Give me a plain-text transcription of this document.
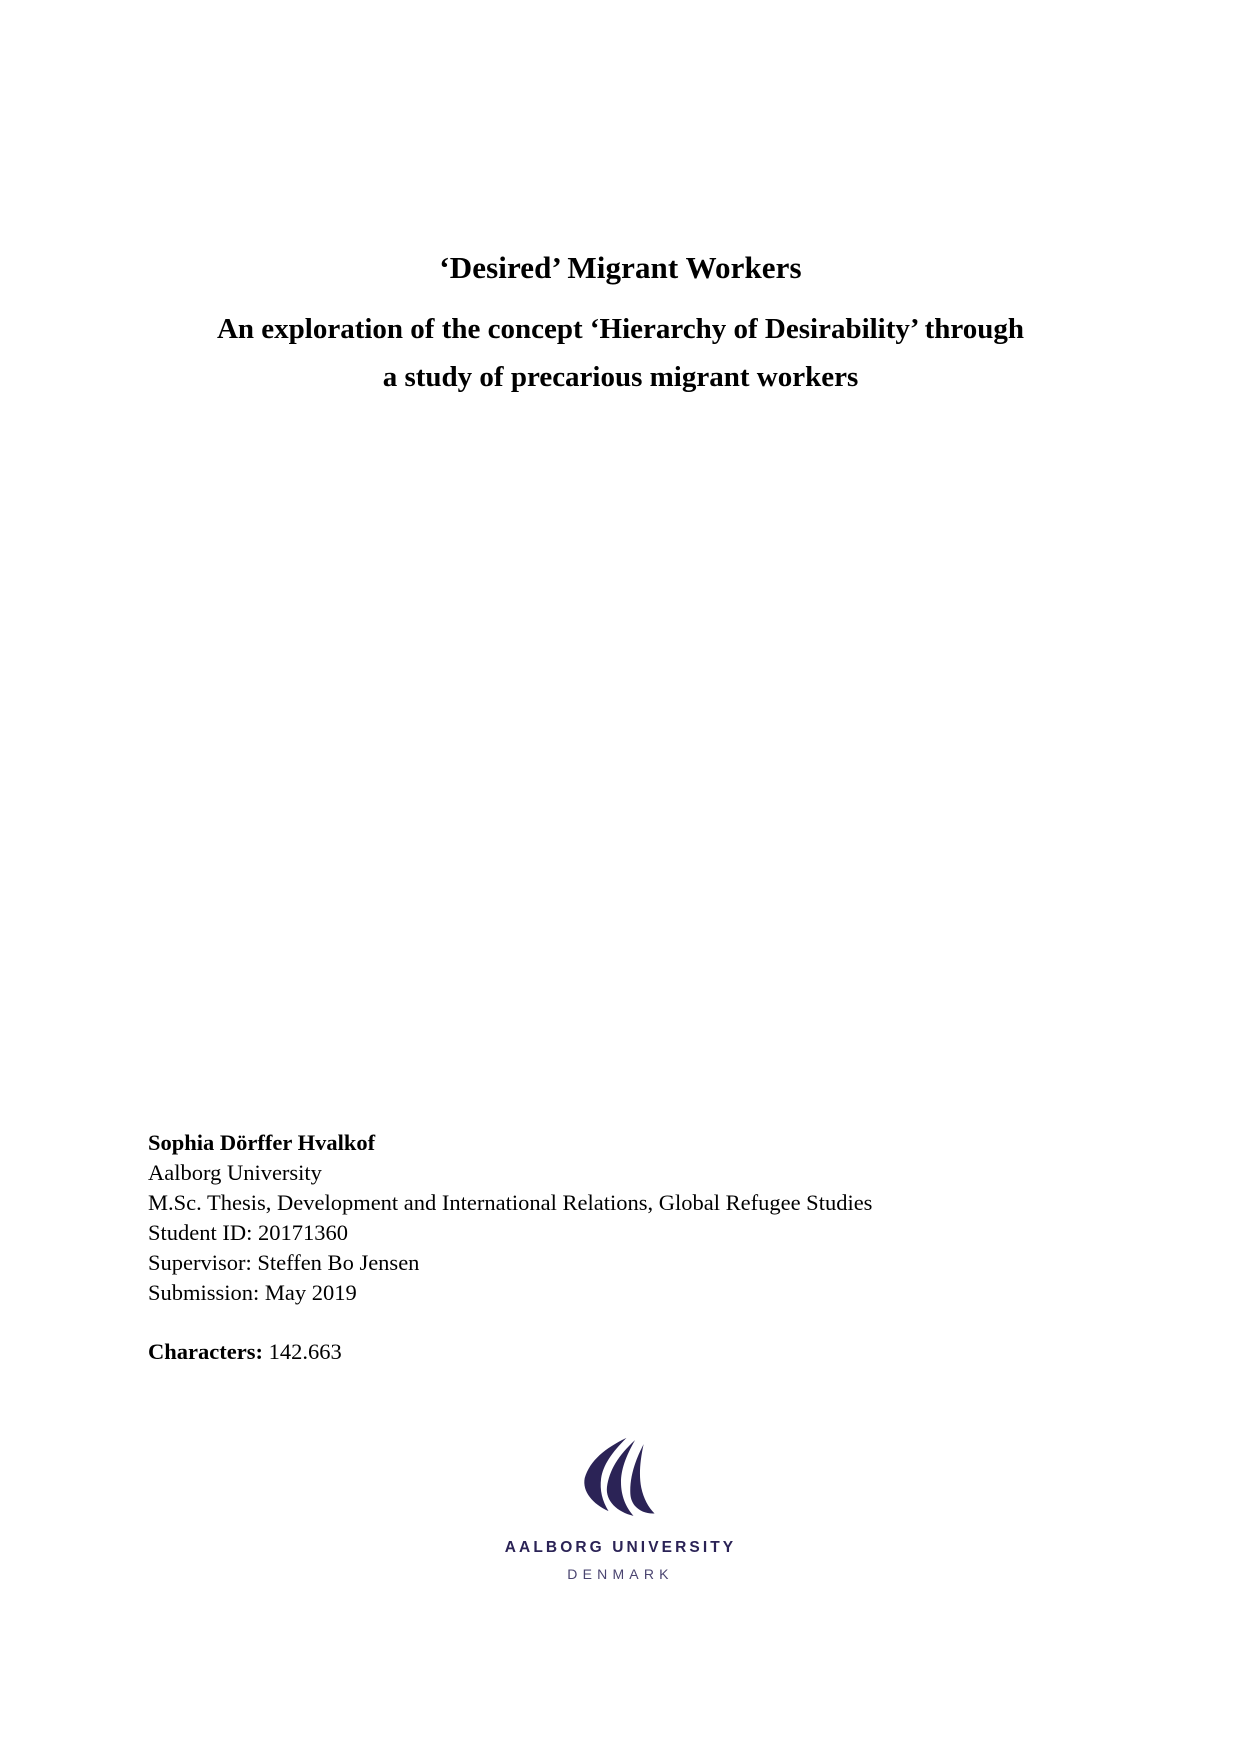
‘Desired’ Migrant Workers
An exploration of the concept ‘Hierarchy of Desirability’ through
a study of precarious migrant workers
Sophia Dörffer Hvalkof
Aalborg University
M.Sc. Thesis, Development and International Relations, Global Refugee Studies
Student ID: 20171360
Supervisor: Steffen Bo Jensen
Submission: May 2019
Characters: 142.663
AALBORG UNIVERSITY
DENMARK
